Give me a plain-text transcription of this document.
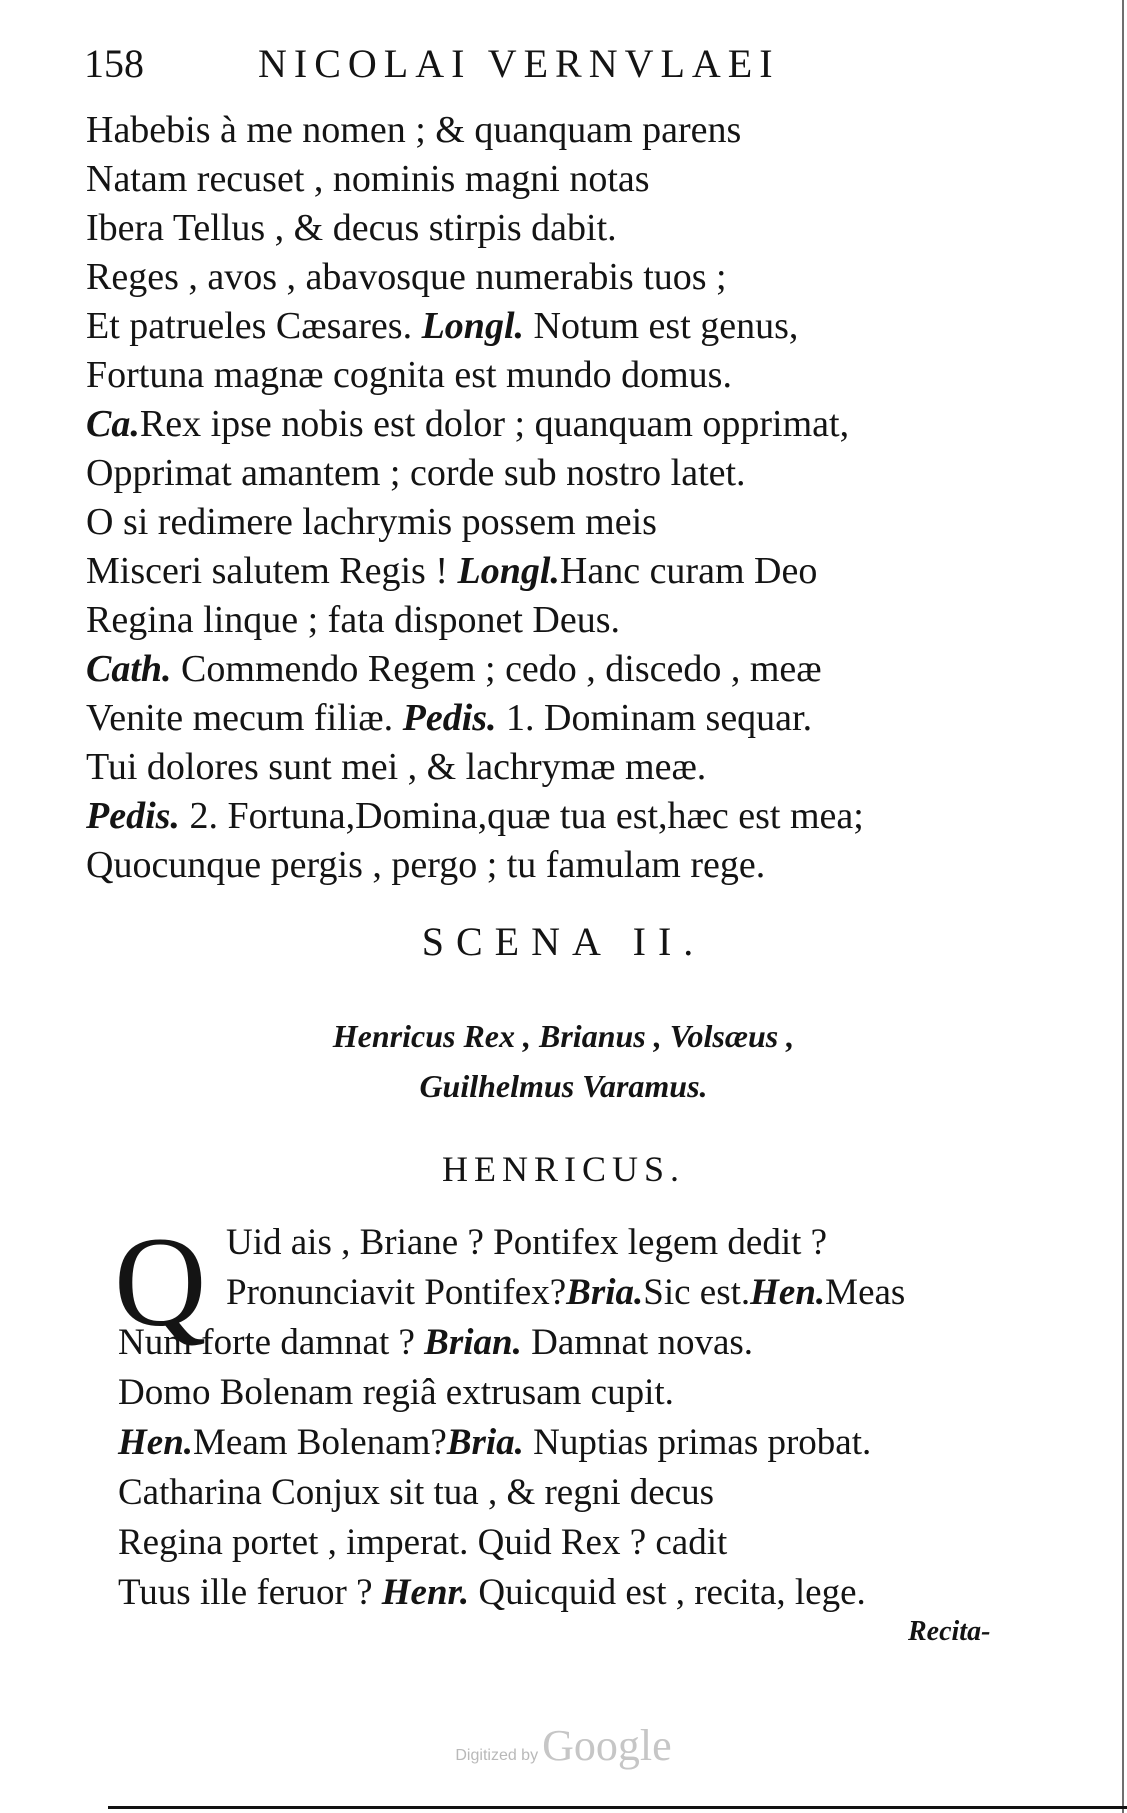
158	NICOLAI VERNVLAEI
Habebis à me nomen ; & quanquam parens
Natam recuset , nominis magni notas
Ibera Tellus , & decus stirpis dabit.
Reges , avos , abavosque numerabis tuos ;
Et patrueles Cæsares. Longl. Notum est genus,
Fortuna magnæ cognita est mundo domus.
Ca.Rex ipse nobis est dolor ; quanquam opprimat,
Opprimat amantem ; corde sub nostro latet.
O si redimere lachrymis possem meis
Misceri salutem Regis ! Longl.Hanc curam Deo
Regina linque ; fata disponet Deus.
Cath. Commendo Regem ; cedo , discedo , meæ
Venite mecum filiæ. Pedis. 1. Dominam sequar.
Tui dolores sunt mei , & lachrymæ meæ.
Pedis. 2. Fortuna,Domina,quæ tua est,hæc est mea;
Quocunque pergis , pergo ; tu famulam rege.
SCENA II.
Henricus Rex , Brianus , Volsæus ,
Guilhelmus Varamus.
HENRICUS.
Q Uid ais , Briane ? Pontifex legem dedit ?
Pronunciavit Pontifex?Bria.Sic est.Hen.Meas
Num forte damnat ? Brian. Damnat novas.
Domo Bolenam regiâ extrusam cupit.
Hen.Meam Bolenam?Bria. Nuptias primas probat.
Catharina Conjux sit tua , & regni decus
Regina portet , imperat. Quid Rex ? cadit
Tuus ille feruor ? Henr. Quicquid est , recita, lege.
Recita-
Digitized by Google
